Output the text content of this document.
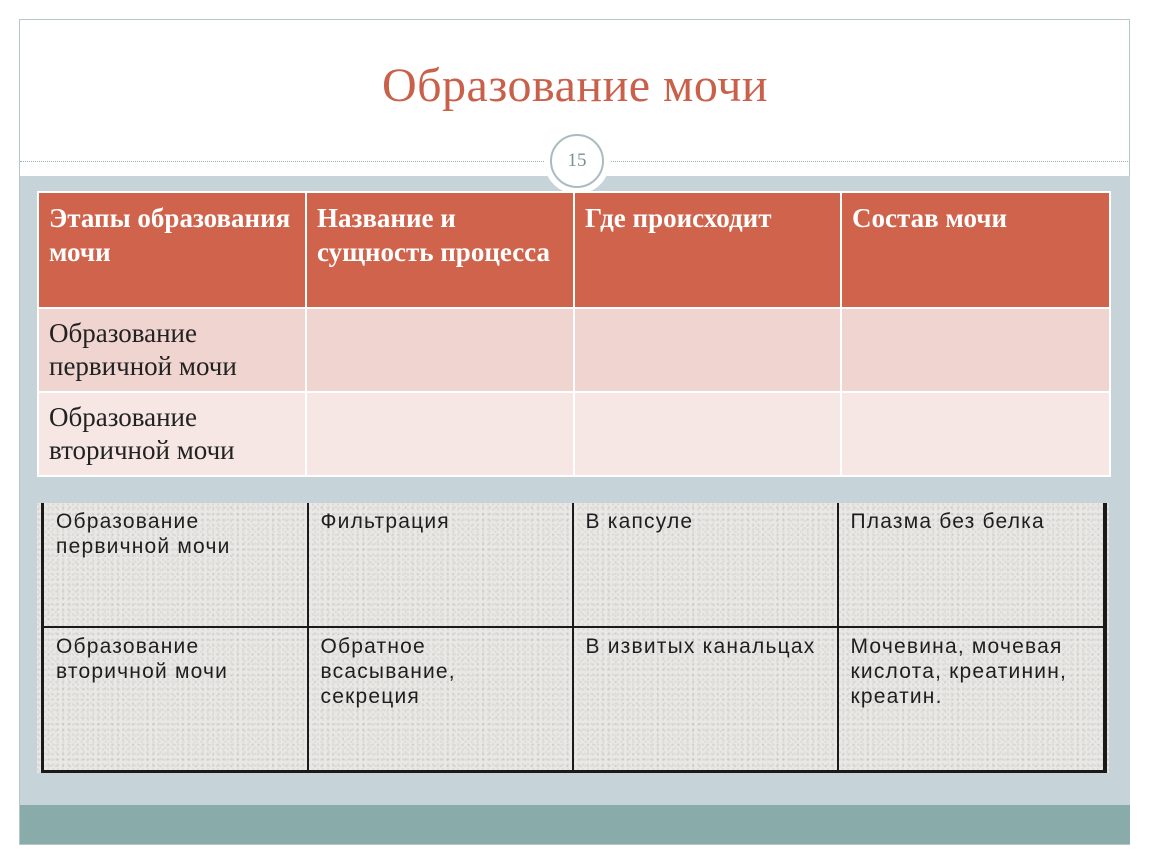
Образование мочи
15
Этапы образования мочи	Название и сущность процесса	Где происходит	Состав мочи
Образование первичной мочи			
Образование вторичной мочи			
Образование первичной мочи	Фильтрация	В капсуле	Плазма без белка
Образование вторичной мочи	Обратное всасывание, секреция	В извитых канальцах	Мочевина, мочевая кислота, креатинин, креатин.
